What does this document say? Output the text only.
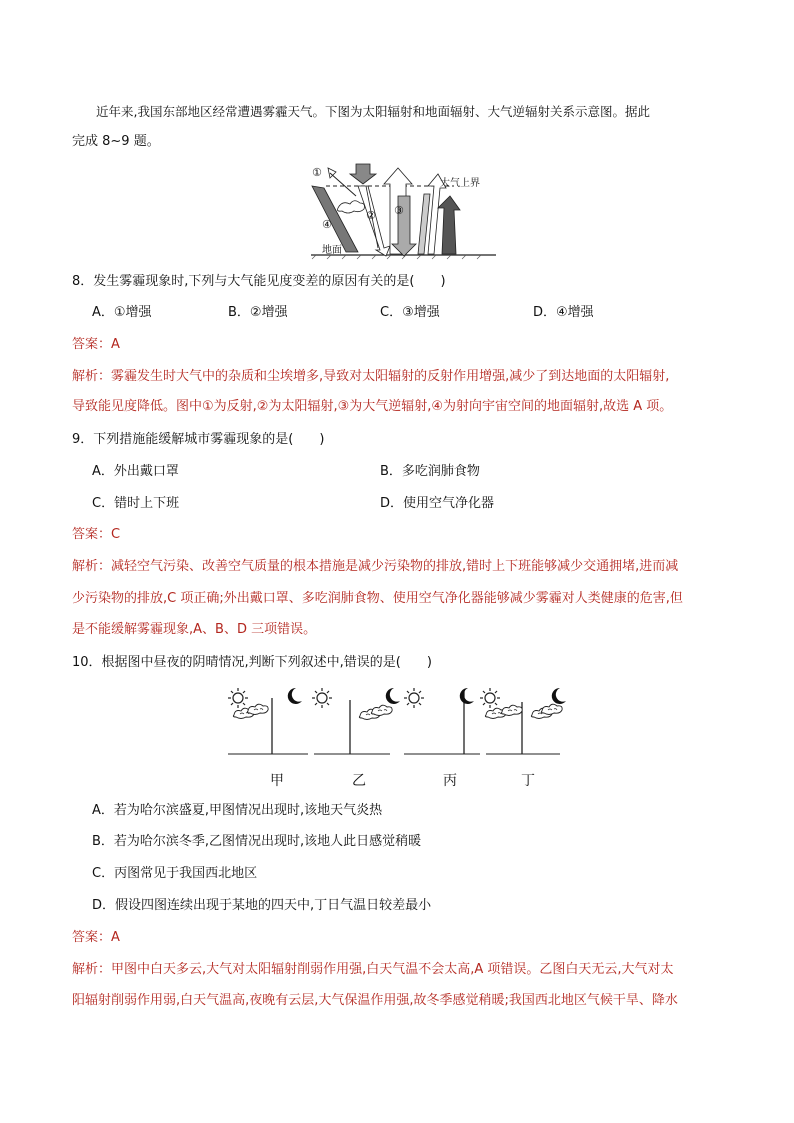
近年来,我国东部地区经常遭遇雾霾天气。下图为太阳辐射和地面辐射、大气逆辐射关系示意图。据此
完成 8~9 题。
①
② ③
④
大气上界
地面
8．发生雾霾现象时,下列与大气能见度变差的原因有关的是(　　)
A．①增强	B．②增强	C．③增强	D．④增强
答案：A
解析：雾霾发生时大气中的杂质和尘埃增多,导致对太阳辐射的反射作用增强,减少了到达地面的太阳辐射,
导致能见度降低。图中①为反射,②为太阳辐射,③为大气逆辐射,④为射向宇宙空间的地面辐射,故选 A 项。
9．下列措施能缓解城市雾霾现象的是(　　)
A．外出戴口罩	B．多吃润肺食物
C．错时上下班	D．使用空气净化器
答案：C
解析：减轻空气污染、改善空气质量的根本措施是减少污染物的排放,错时上下班能够减少交通拥堵,进而减
少污染物的排放,C 项正确;外出戴口罩、多吃润肺食物、使用空气净化器能够减少雾霾对人类健康的危害,但
是不能缓解雾霾现象,A、B、D 三项错误。
10．根据图中昼夜的阴晴情况,判断下列叙述中,错误的是(　　)
甲	乙	丙	丁
A．若为哈尔滨盛夏,甲图情况出现时,该地天气炎热
B．若为哈尔滨冬季,乙图情况出现时,该地人此日感觉稍暖
C．丙图常见于我国西北地区
D．假设四图连续出现于某地的四天中,丁日气温日较差最小
答案：A
解析：甲图中白天多云,大气对太阳辐射削弱作用强,白天气温不会太高,A 项错误。乙图白天无云,大气对太
阳辐射削弱作用弱,白天气温高,夜晚有云层,大气保温作用强,故冬季感觉稍暖;我国西北地区气候干旱、降水
